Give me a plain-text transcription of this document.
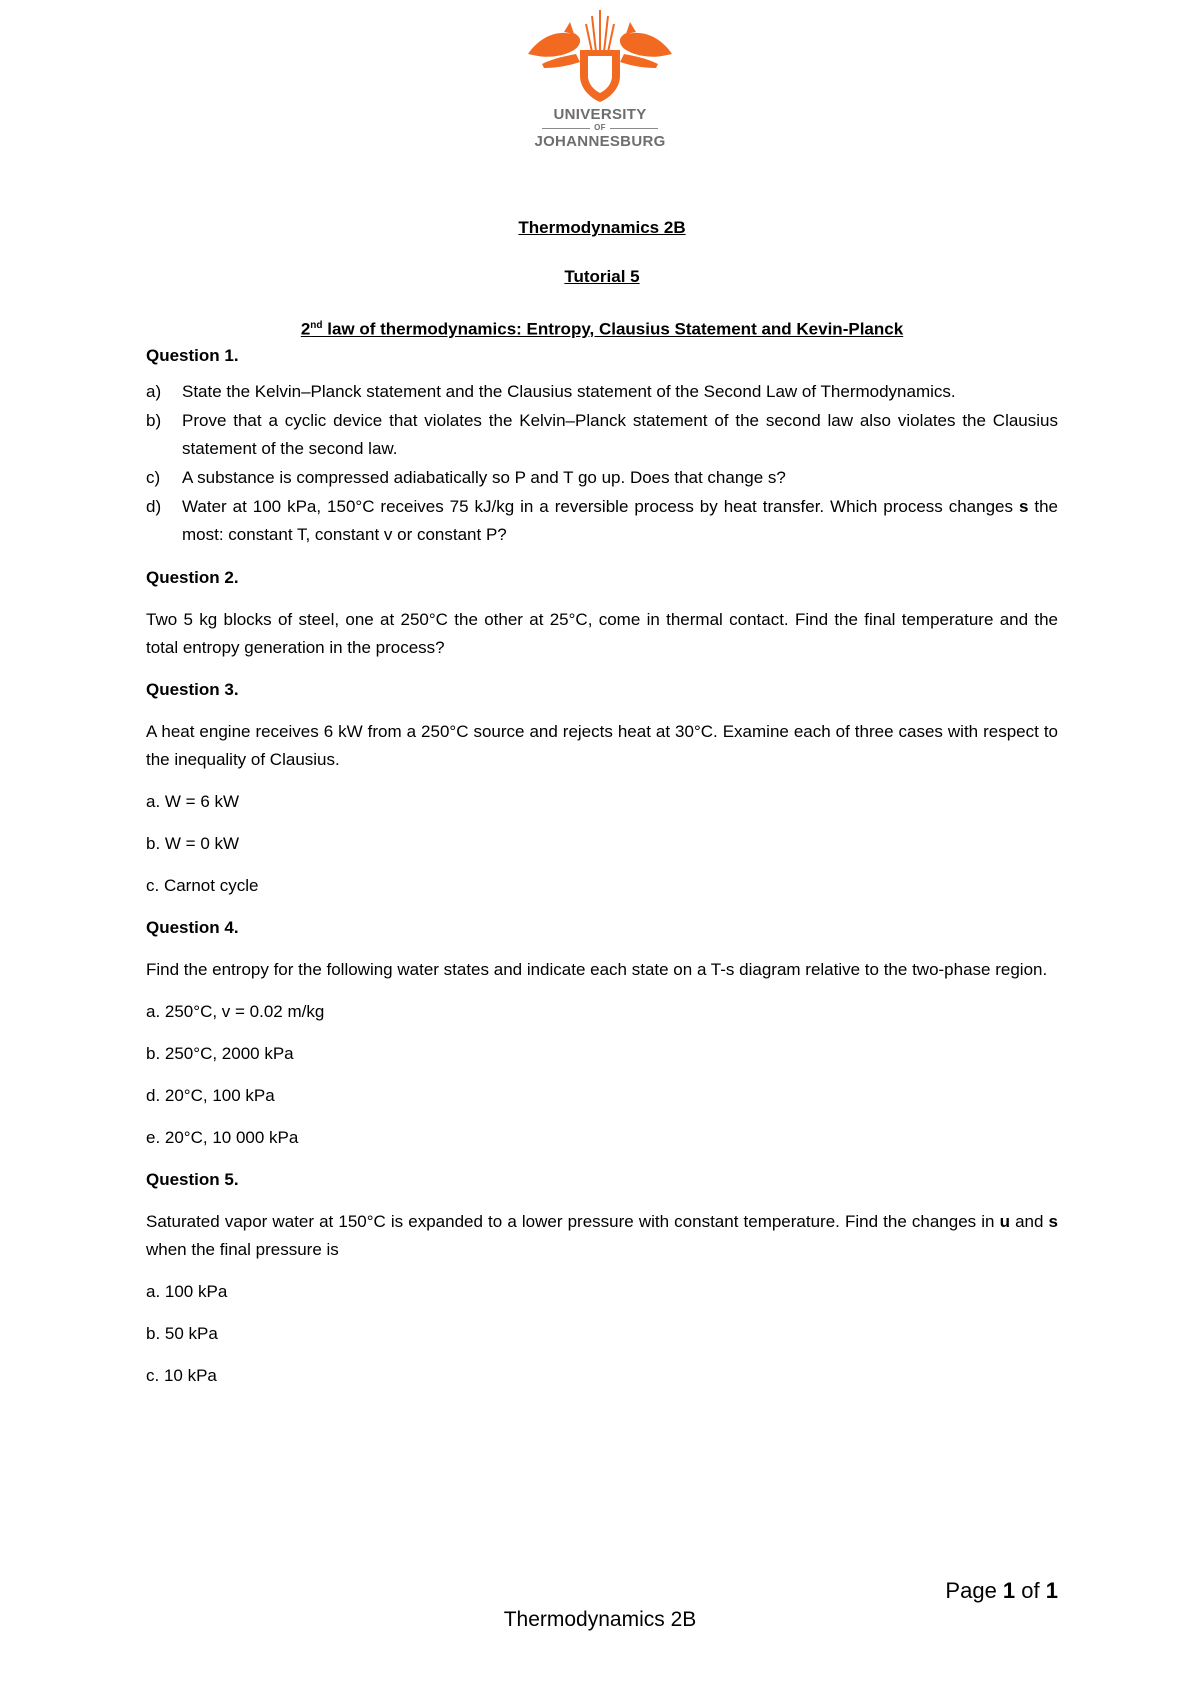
UNIVERSITY
OF
JOHANNESBURG
Thermodynamics 2B
Tutorial 5
2nd law of thermodynamics: Entropy, Clausius Statement and Kevin-Planck

Question 1.

a)	State the Kelvin–Planck statement and the Clausius statement of the Second Law of Thermodynamics.
b)	Prove that a cyclic device that violates the Kelvin–Planck statement of the second law also violates the Clausius statement of the second law.
c)	A substance is compressed adiabatically so P and T go up. Does that change s?
d)	Water at 100 kPa, 150°C receives 75 kJ/kg in a reversible process by heat transfer. Which process changes s the most: constant T, constant v or constant P?

Question 2.

Two 5 kg blocks of steel, one at 250°C the other at 25°C, come in thermal contact. Find the final temperature and the total entropy generation in the process?

Question 3.

A heat engine receives 6 kW from a 250°C source and rejects heat at 30°C. Examine each of three cases with respect to the inequality of Clausius.

a. W = 6 kW

b. W = 0 kW

c. Carnot cycle

Question 4.

Find the entropy for the following water states and indicate each state on a T-s diagram relative to the two-phase region.

a. 250°C, v = 0.02 m/kg

b. 250°C, 2000 kPa

d. 20°C, 100 kPa

e. 20°C, 10 000 kPa

Question 5.

Saturated vapor water at 150°C is expanded to a lower pressure with constant temperature. Find the changes in u and s when the final pressure is

a. 100 kPa

b. 50 kPa

c. 10 kPa

Page 1 of 1
Thermodynamics 2B
